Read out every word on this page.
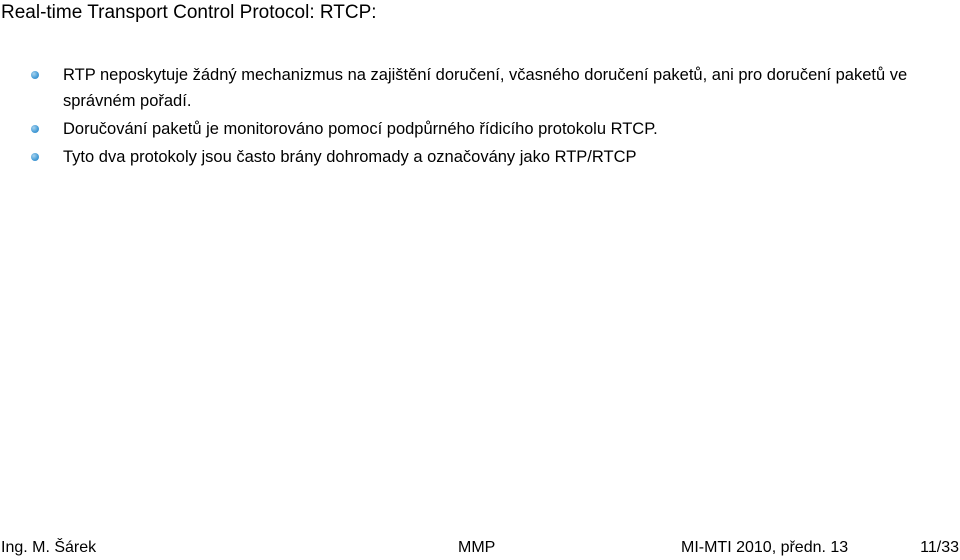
Real-time Transport Control Protocol: RTCP:
RTP neposkytuje žádný mechanizmus na zajištění doručení, včasného doručení paketů, ani pro doručení paketů ve správném pořadí.
Doručování paketů je monitorováno pomocí podpůrného řídicího protokolu RTCP.
Tyto dva protokoly jsou často brány dohromady a označovány jako RTP/RTCP
Ing. M. Šárek	MMP	MI-MTI 2010, předn. 13	11/33
